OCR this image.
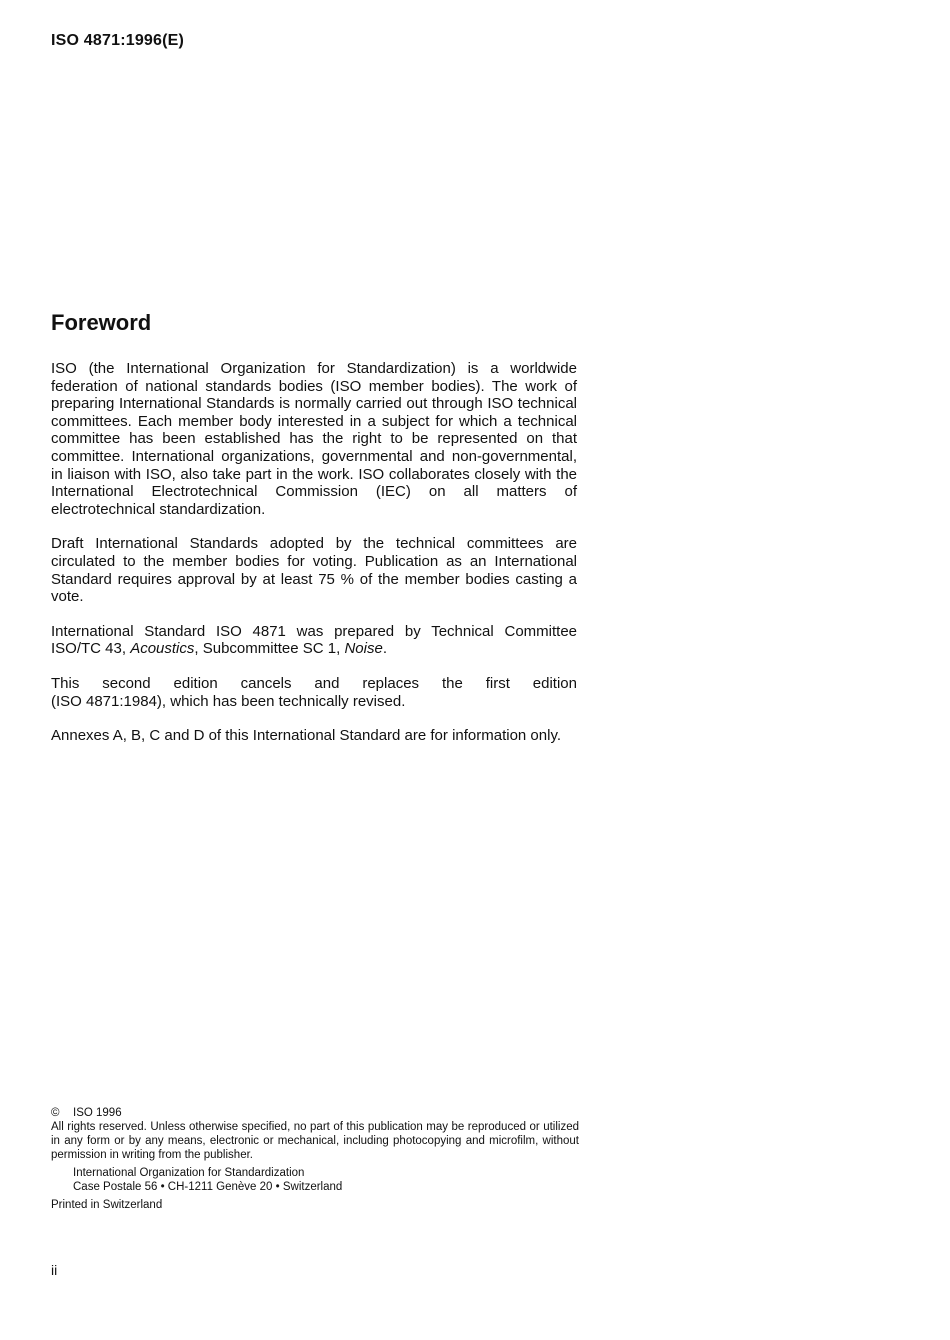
ISO 4871:1996(E)

Foreword

ISO (the International Organization for Standardization) is a worldwide federation of national standards bodies (ISO member bodies). The work of preparing International Standards is normally carried out through ISO technical committees. Each member body interested in a subject for which a technical committee has been established has the right to be represented on that committee. International organizations, governmental and non-governmental, in liaison with ISO, also take part in the work. ISO collaborates closely with the International Electrotechnical Commission (IEC) on all matters of electrotechnical standardization.

Draft International Standards adopted by the technical committees are circulated to the member bodies for voting. Publication as an International Standard requires approval by at least 75 % of the member bodies casting a vote.

International Standard ISO 4871 was prepared by Technical Committee ISO/TC 43, Acoustics, Subcommittee SC 1, Noise.

This second edition cancels and replaces the first edition
(ISO 4871:1984), which has been technically revised.

Annexes A, B, C and D of this International Standard are for information only.

© ISO 1996

All rights reserved. Unless otherwise specified, no part of this publication may be reproduced or utilized in any form or by any means, electronic or mechanical, including photocopying and microfilm, without permission in writing from the publisher.

International Organization for Standardization

Case Postale 56 • CH-1211 Genève 20 • Switzerland

Printed in Switzerland

ii
